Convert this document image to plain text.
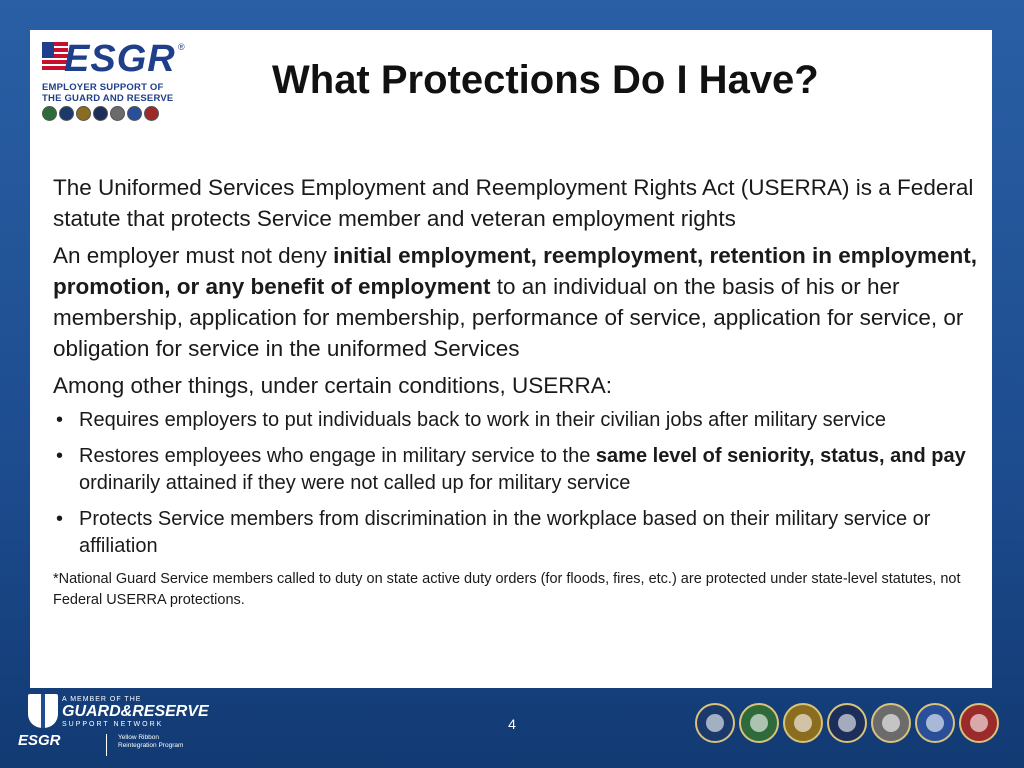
ESGR ®
EMPLOYER SUPPORT OF
THE GUARD AND RESERVE What Protections Do I Have?

The Uniformed Services Employment and Reemployment Rights Act (USERRA) is a Federal statute that protects Service member and veteran employment rights

An employer must not deny initial employment, reemployment, retention in employment, promotion, or any benefit of employment to an individual on the basis of his or her membership, application for membership, performance of service, application for service, or obligation for service in the uniformed Services

Among other things, under certain conditions, USERRA:

• Requires employers to put individuals back to work in their civilian jobs after military service
• Restores employees who engage in military service to the same level of seniority, status, and pay ordinarily attained if they were not called up for military service
• Protects Service members from discrimination in the workplace based on their military service or affiliation
*National Guard Service members called to duty on state active duty orders (for floods, fires, etc.) are protected under state-level statutes, not Federal USERRA protections.
A MEMBER OF THE
GUARD&RESERVE
SUPPORT NETWORK
ESGR	Yellow Ribbon Reintegration Program
4
